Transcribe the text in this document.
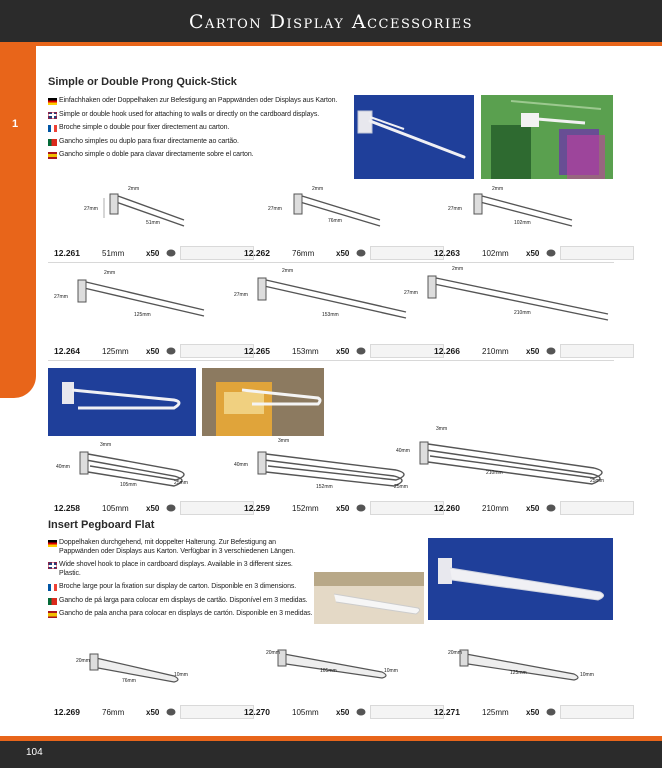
Carton Display Accessories
1
Simple or Double Prong Quick-Stick
Einfachhaken oder Doppelhaken zur Befestigung an Pappwänden oder Displays aus Karton.
Simple or double hook used for attaching to walls or directly on the cardboard displays.
Broche simple o double pour fixer directement au carton.
Gancho simples ou duplo para fixar directamente ao cartão.
Gancho simple o doble para clavar directamente sobre el carton.
27mm
2mm
51mm
27mm
2mm
76mm
27mm
2mm
102mm
12.261	51mm	x50	12.262	76mm	x50	12.263	102mm	x50
27mm
2mm
125mm
27mm
2mm
153mm
27mm
2mm
210mm
12.264	125mm	x50	12.265	153mm	x50	12.266	210mm	x50
40mm
3mm
105mm	25mm
40mm
3mm
152mm	25mm
40mm
3mm
210mm
25mm
12.258	105mm	x50	12.259	152mm	x50	12.260	210mm	x50
Insert Pegboard Flat
Doppelhaken durchgehend, mit doppelter Halterung. Zur Befestigung an Pappwänden oder Displays aus Karton. Verfügbar in 3 verschiedenen Längen.
Wide shovel hook to place in cardboard displays. Available in 3 different sizes. Plastic.
Broche large pour la fixation sur display de carton. Disponible en 3 dimensions.
Gancho de pá larga para colocar em displays de cartão. Disponível em 3 medidas.
Gancho de pala ancha para colocar en displays de cartón. Disponible en 3 medidas.
20mm
76mm
10mm
20mm
105mm	10mm
20mm
125mm	10mm
12.269	76mm	x50	12.270	105mm	x50	12.271	125mm	x50
104
